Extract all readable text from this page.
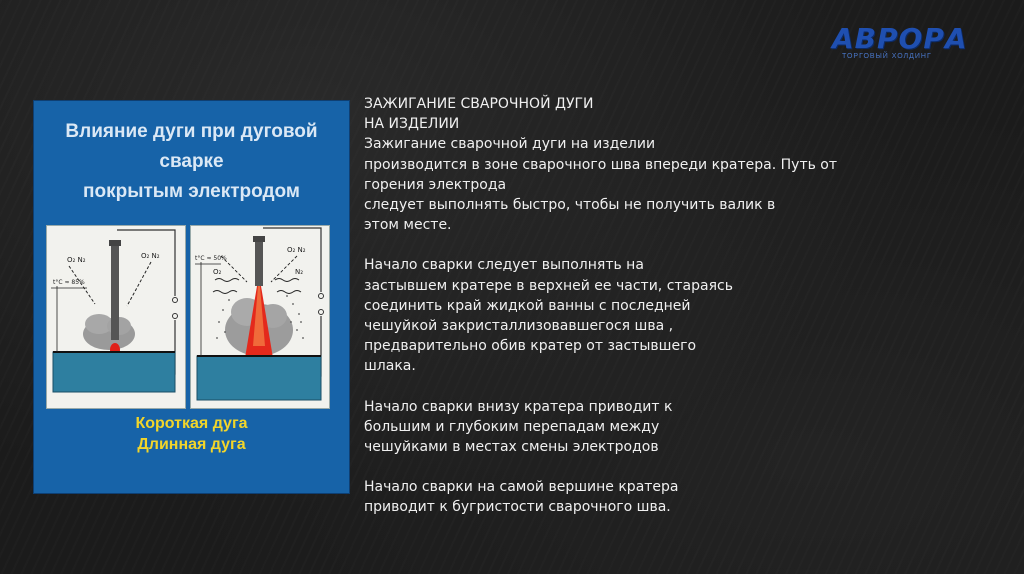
АВРОРА
ТОРГОВЫЙ ХОЛДИНГ
Влияние дуги при дуговой сварке
покрытым электродом
O₂ N₂	O₂ N₂
t°C ≈ 85%
t°C ≈ 50%
O₂ N₂
O₂	N₂
Короткая дуга
Длинная дуга

ЗАЖИГАНИЕ СВАРОЧНОЙ ДУГИ
НА ИЗДЕЛИИ
Зажигание сварочной дуги на изделии
производится в зоне сварочного шва впереди кратера. Путь от
горения электрода
следует выполнять быстро, чтобы не получить валик в
этом месте.

Начало сварки следует выполнять на
застывшем кратере в верхней ее части, стараясь
соединить край жидкой ванны с последней
чешуйкой закристаллизовавшегося шва ,
предварительно обив кратер от застывшего
шлака.

Начало сварки внизу кратера приводит к
большим и глубоким перепадам между
чешуйками в местах смены электродов

Начало сварки на самой вершине кратера
приводит к бугристости сварочного шва.
